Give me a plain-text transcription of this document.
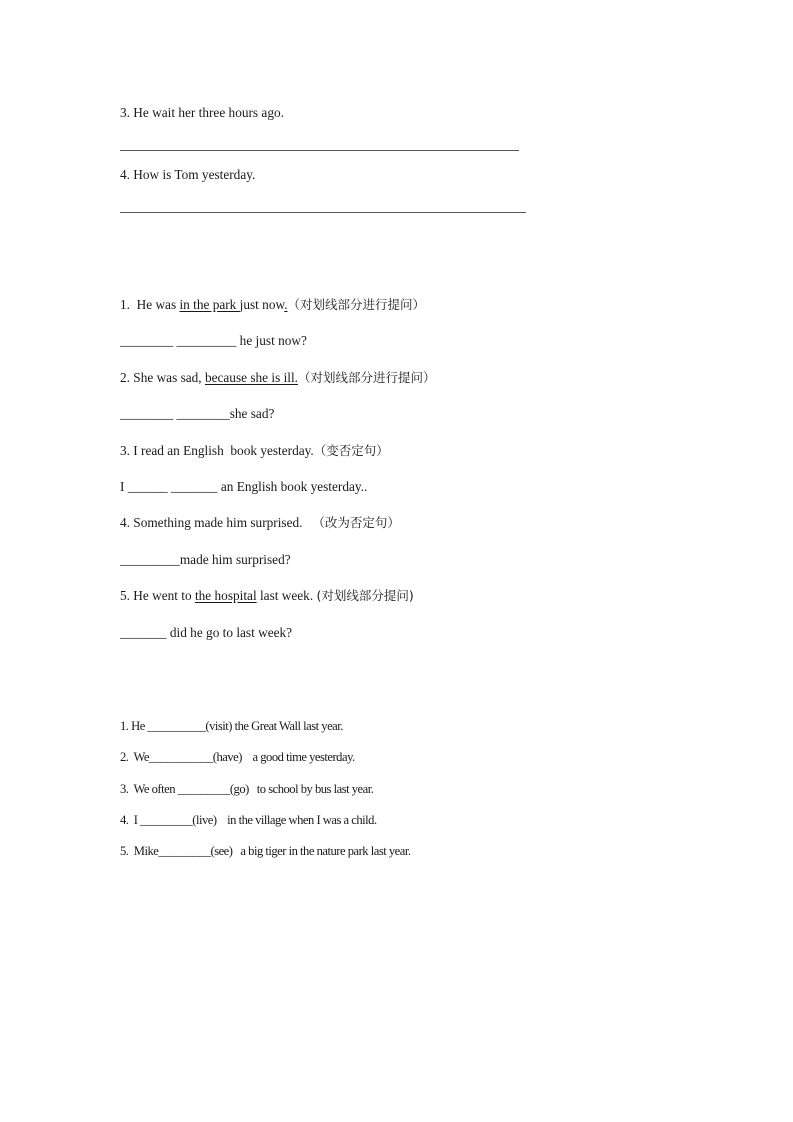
3. He wait her three hours ago.
4. How is Tom yesterday.
1.  He was in the park just now.（对划线部分进行提问）
________ _________ he just now?
2. She was sad, because she is ill.（对划线部分进行提问）
________ ________she sad?
3. I read an English  book yesterday.（变否定句）
I ______ _______ an English book yesterday..
4. Something made him surprised.   （改为否定句）
_________made him surprised?
5. He went to the hospital last week. (对划线部分提问)
_______ did he go to last week?
1. He __________(visit) the Great Wall last year.
2.  We___________(have)    a good time yesterday.
3.  We often _________(go)   to school by bus last year.
4.  I _________(live)    in the village when I was a child.
5.  Mike_________(see)   a big tiger in the nature park last year.
